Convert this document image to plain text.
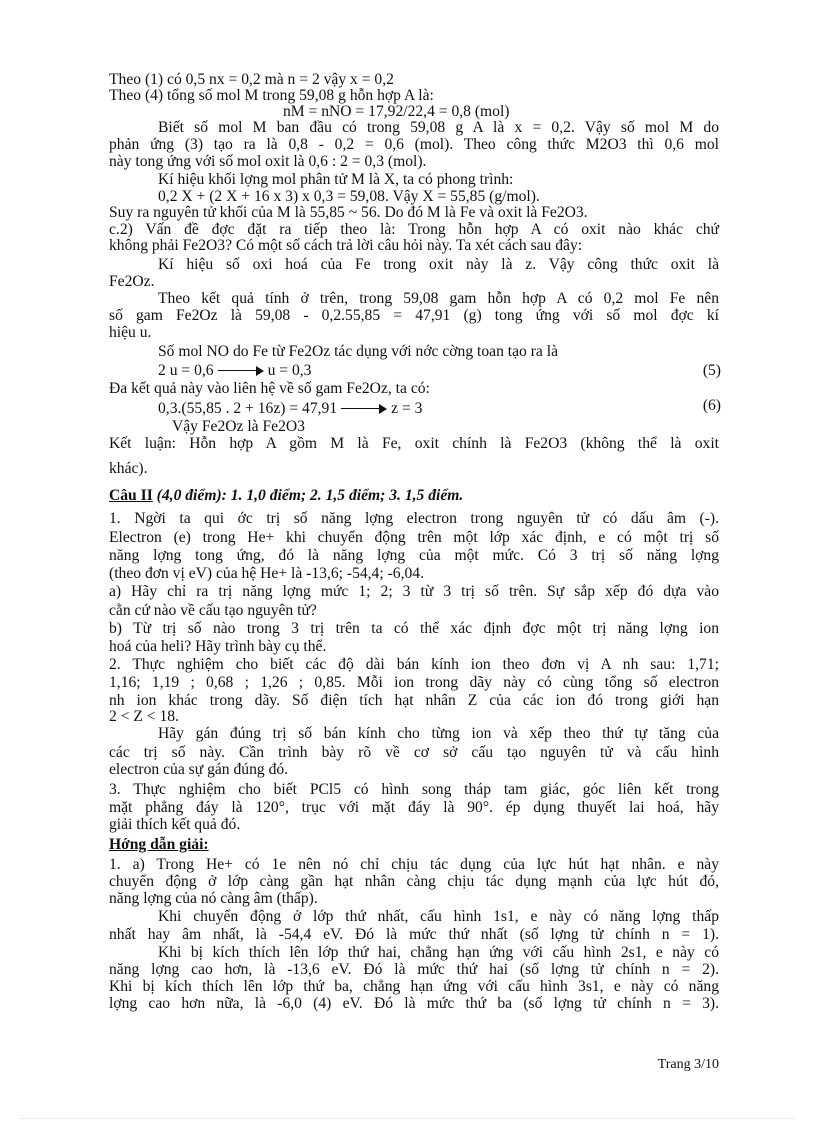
Theo (1) có 0,5 nx = 0,2 mà n = 2 vậy x = 0,2
Theo (4) tổng số mol M trong 59,08 g hỗn hợp A là:
nM = nNO = 17,92/22,4 = 0,8 (mol)
Biết số mol M ban đầu có trong 59,08 g A là x = 0,2. Vậy số mol M do
phản ứng (3) tạo ra là 0,8 - 0,2 = 0,6 (mol). Theo công thức M2O3 thì 0,6 mol
này tong ứng với số mol oxit là 0,6 : 2 = 0,3 (mol).
Kí hiệu khối lợng mol phân tử M là X, ta có phong trình:
0,2 X + (2 X + 16 x 3) x 0,3 = 59,08. Vậy X = 55,85 (g/mol).
Suy ra nguyên tử khối của M là 55,85 ~ 56. Do đó M là Fe và oxit là Fe2O3.
c.2) Vấn đề đợc đặt ra tiếp theo là: Trong hỗn hợp A có oxit nào khác chứ
không phải Fe2O3? Có một số cách trả lời câu hỏi này. Ta xét cách sau đây:
Kí hiệu số oxi hoá của Fe trong oxit này là z. Vậy công thức oxit là
Fe2Oz.
Theo kết quả tính ở trên, trong 59,08 gam hỗn hợp A có 0,2 mol Fe nên
số gam Fe2Oz là 59,08 - 0,2.55,85 = 47,91 (g) tong ứng với số mol đợc kí
hiệu u.
Số mol NO do Fe từ Fe2Oz tác dụng với nớc cờng toan tạo ra là
2 u = 0,6	u = 0,3	(5)
Đa kết quả này vào liên hệ về số gam Fe2Oz, ta có:
0,3.(55,85 . 2 + 16z) = 47,91	z = 3	(6)
Vậy Fe2Oz là Fe2O3
Kết luận: Hỗn hợp A gồm M là Fe, oxit chính là Fe2O3 (không thể là oxit
khác).
Câu II (4,0 điểm): 1. 1,0 điểm; 2. 1,5 điểm; 3. 1,5 điểm.
1. Ngời ta qui ớc trị số năng lợng electron trong nguyên tử có dấu âm (-).
Electron (e) trong He+ khi chuyển động trên một lớp xác định, e có một trị số
năng lợng tong ứng, đó là năng lợng của một mức. Có 3 trị số năng lợng
(theo đơn vị eV) của hệ He+ là -13,6; -54,4; -6,04.
a) Hãy chỉ ra trị năng lợng mức 1; 2; 3 từ 3 trị số trên. Sự sắp xếp đó dựa vào
cằn cứ nào về cấu tạo nguyên tử?
b) Từ trị số nào trong 3 trị trên ta có thể xác định đợc một trị năng lợng ion
hoá của heli? Hãy trình bày cụ thể.
2. Thực nghiệm cho biết các độ dài bán kính ion theo đơn vị A nh sau: 1,71;
1,16; 1,19 ; 0,68 ; 1,26 ; 0,85. Mỗi ion trong dãy này có cùng tổng số electron
nh ion khác trong dãy. Số điện tích hạt nhân Z của các ion đó trong giới hạn
2 < Z < 18.
Hãy gán đúng trị số bán kính cho từng ion và xếp theo thứ tự tăng của
các trị số này. Cần trình bày rõ về cơ sở cấu tạo nguyên tử và cấu hình
electron của sự gán đúng đó.
3. Thực nghiệm cho biết PCl5 có hình song tháp tam giác, góc liên kết trong
mặt phẳng đáy là 120°, trục với mặt đáy là 90°. ép dụng thuyết lai hoá, hãy
giải thích kết quả đó.
Hớng dẫn giải:
1. a) Trong He+ có 1e nên nó chỉ chịu tác dụng của lực hút hạt nhân. e này
chuyển động ở lớp càng gần hạt nhân càng chịu tác dụng mạnh của lực hút đó,
năng lợng của nó càng âm (thấp).
Khi chuyển động ở lớp thứ nhất, cấu hình 1s1, e này có năng lợng thấp
nhất hay âm nhất, là -54,4 eV. Đó là mức thứ nhất (số lợng tử chính n = 1).
Khi bị kích thích lên lớp thứ hai, chẳng hạn ứng với cấu hình 2s1, e này có
năng lợng cao hơn, là -13,6 eV. Đó là mức thứ hai (số lợng tử chính n = 2).
Khi bị kích thích lên lớp thứ ba, chẳng hạn ứng với cấu hình 3s1, e này có năng
lợng cao hơn nữa, là -6,0 (4) eV. Đó là mức thứ ba (số lợng tử chính n = 3).
Trang 3/10
